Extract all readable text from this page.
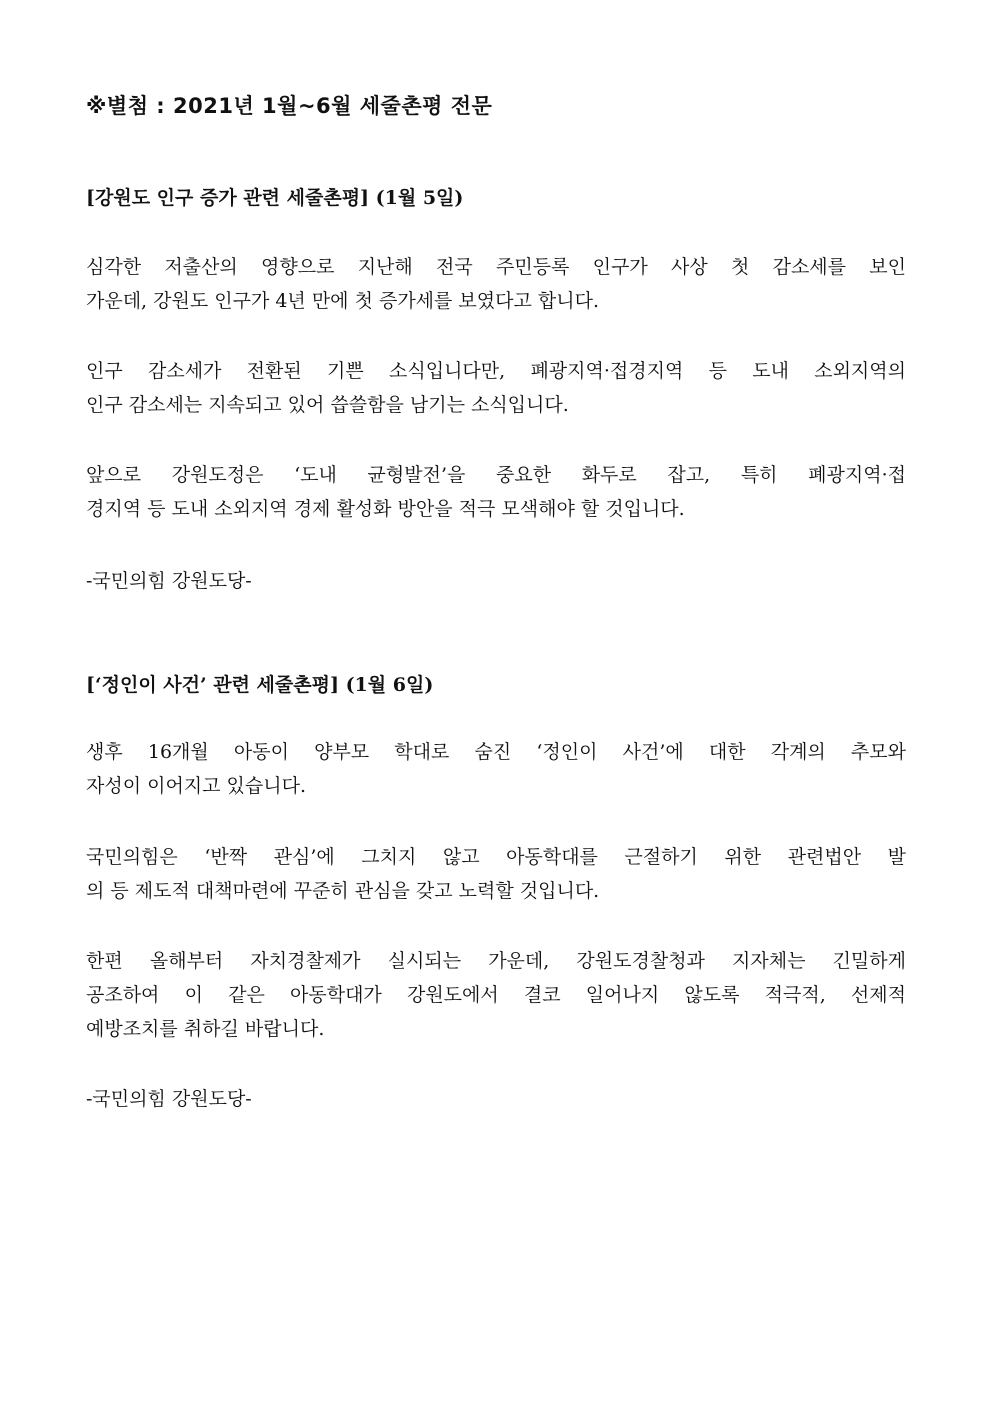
※별첨 : 2021년 1월~6월 세줄촌평 전문
[강원도 인구 증가 관련 세줄촌평] (1월 5일)
심각한 저출산의 영향으로 지난해 전국 주민등록 인구가 사상 첫 감소세를 보인
가운데, 강원도 인구가 4년 만에 첫 증가세를 보였다고 합니다.
인구 감소세가 전환된 기쁜 소식입니다만, 폐광지역·접경지역 등 도내 소외지역의
인구 감소세는 지속되고 있어 씁쓸함을 남기는 소식입니다.
앞으로 강원도정은 ‘도내 균형발전’을 중요한 화두로 잡고, 특히 폐광지역·접
경지역 등 도내 소외지역 경제 활성화 방안을 적극 모색해야 할 것입니다.
-국민의힘 강원도당-
[‘정인이 사건’ 관련 세줄촌평] (1월 6일)
생후 16개월 아동이 양부모 학대로 숨진 ‘정인이 사건’에 대한 각계의 추모와
자성이 이어지고 있습니다.
국민의힘은 ‘반짝 관심’에 그치지 않고 아동학대를 근절하기 위한 관련법안 발
의 등 제도적 대책마련에 꾸준히 관심을 갖고 노력할 것입니다.
한편 올해부터 자치경찰제가 실시되는 가운데, 강원도경찰청과 지자체는 긴밀하게
공조하여 이 같은 아동학대가 강원도에서 결코 일어나지 않도록 적극적, 선제적
예방조치를 취하길 바랍니다.
-국민의힘 강원도당-
